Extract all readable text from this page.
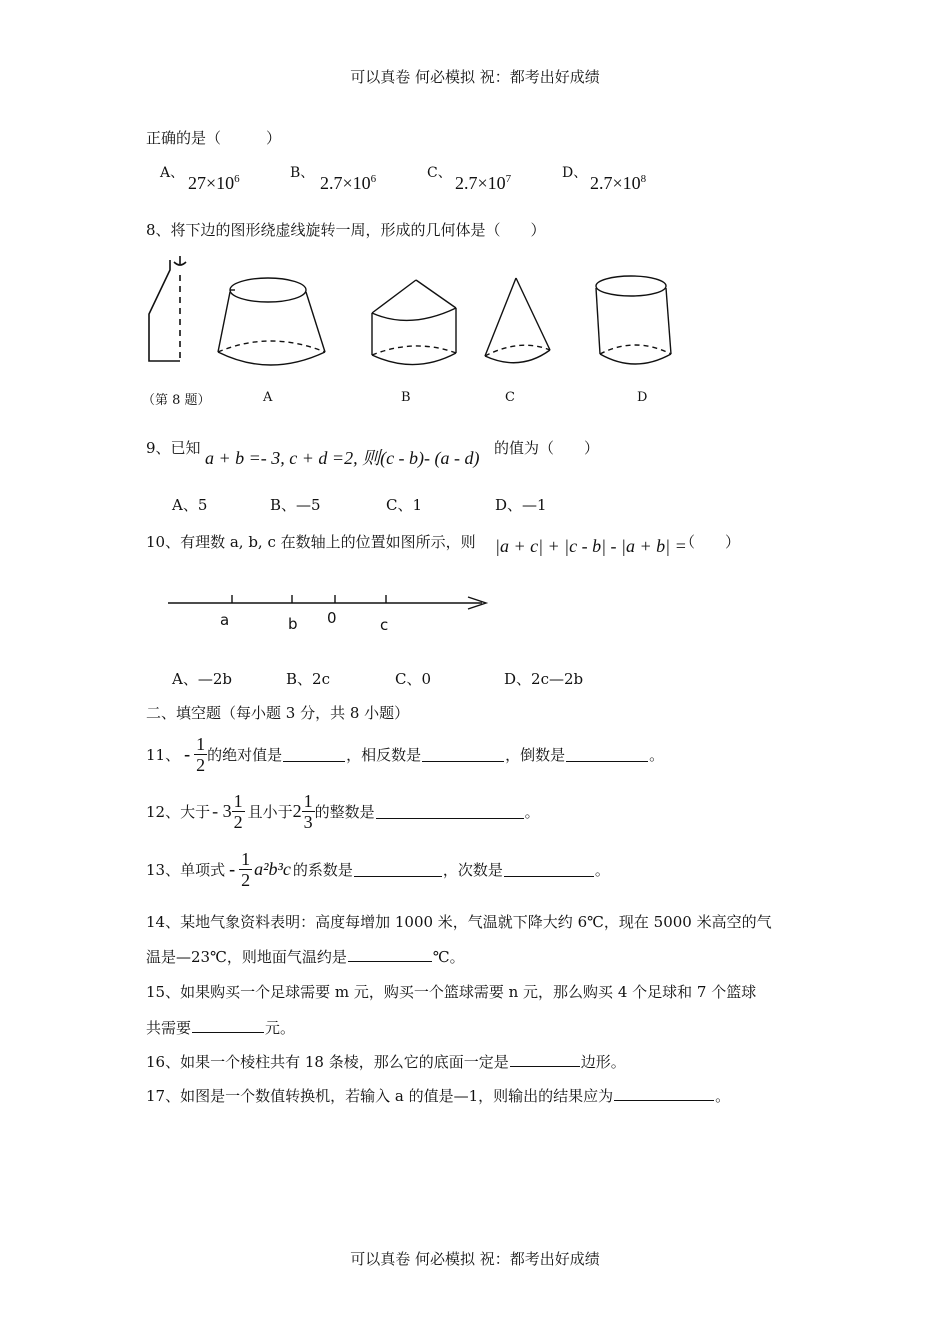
可以真卷 何必模拟 祝：都考出好成绩
正确的是（　　　）
A、 $27\times 10^6$	B、 $2.7\times 10^6$	C、 $2.7\times 10^7$	D、 $2.7\times 10^8$
8、将下边的图形绕虚线旋转一周，形成的几何体是（　　）
（第 8 题）	A	B	C	D
9、已知 a + b =- 3, c + d =2, 则(c - b)- (a - d) 的值为（　　）
A、5	B、—5	C、1	D、—1
10、有理数 a, b, c 在数轴上的位置如图所示，则 |a + c| + |c - b| - |a + b| =
（　　）
a	b 0	c
A、—2b	B、2c	C、0	D、2c—2b
二、填空题（每小题 3 分，共 8 小题）
11、 - $\frac{1}{2}$ 的绝对值是	，相反数是	，倒数是	。
12、大于 - $3 \frac{1}{2}$ 且小于 $2 \frac{1}{3}$ 的整数是	。
13、单项式 - $\frac{1}{2} a^2b^3c$ 的系数是	，次数是	。
14、某地气象资料表明：高度每增加 1000 米，气温就下降大约 6℃，现在 5000 米高空的气
温是—23℃，则地面气温约是	℃。
15、如果购买一个足球需要 m 元，购买一个篮球需要 n 元，那么购买 4 个足球和 7 个篮球
共需要	元。
16、如果一个棱柱共有 18 条棱，那么它的底面一定是	边形。
17、如图是一个数值转换机，若输入 a 的值是—1，则输出的结果应为	。
可以真卷 何必模拟 祝：都考出好成绩
